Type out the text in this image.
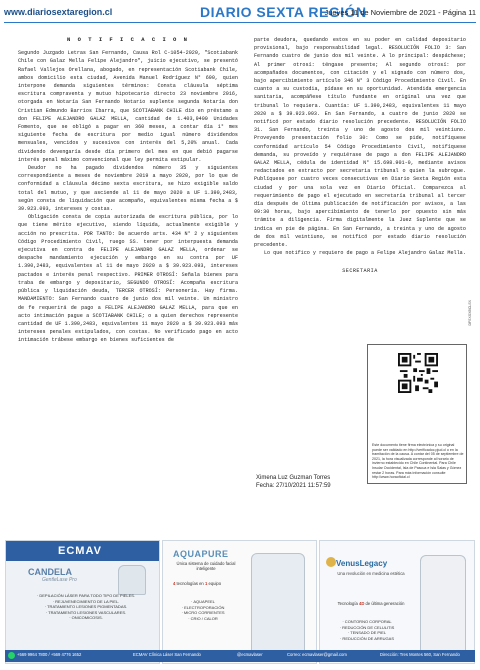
www.diariosextaregion.cl	DIARIO SEXTA REGIÓN
Jueves 11 de Noviembre de 2021 - Página 11

N O T I F I C A C I O N

Segundo Juzgado Letras San Fernando, Causa Rol C-1054-2020, "Scotiabank Chile con Galaz Mella Felipe Alejandro", juicio ejecutivo, se presentó Rafael Vallejos Orellana, abogado, en representación Scotiabank Chile, ambos domicilio esta ciudad, Avenida Manuel Rodríguez N° 690, quien interpone demanda siguientes términos: Consta cláusula séptima escritura compraventa y mutuo hipotecario directo 23 noviembre 2016, otorgada en Notaría San Fernando Notario suplente segunda Notaría don Cristian Edmundo Barrios Ibarra, que SCOTIABANK CHILE dio en préstamo a don FELIPE ALEJANDRO GALAZ MELLA, cantidad de 1.403,9400 Unidades Fomento, que se obligó a pagar en 360 meses, a contar día 1° mes siguiente fecha de escritura por medio igual número dividendos mensuales, vencidos y sucesivos con interés del 5,20% anual. Cada dividendo devengaría desde día primero del mes en que debió pagarse interés penal máximo convencional que ley permita estipular.

Deudor no ha pagado dividendos número 35 y siguientes correspondiente a meses de noviembre 2019 a mayo 2020, por lo que de conformidad a cláusula décimo sexta escritura, se hizo exigible saldo total del mutuo, y que asciende al 11 de mayo 2020 a UF 1.390,2483, según consta de liquidación que acompaño, equivalentes misma fecha a $ 39.923.093, intereses y costas.

Obligación consta de copia autorizada de escritura pública, por lo que tiene mérito ejecutivo, siendo líquida, actualmente exigible y acción no prescrita. POR TANTO: De acuerdo arts. 434 N° 2 y siguientes Código Procedimiento Civil, ruego SS. tener por interpuesta demanda ejecutiva en contra de FELIPE ALEJANDRO GALAZ MELLA, ordenar se despache mandamiento ejecución y embargo en su contra por UF 1.390,2483, equivalentes al 11 de mayo 2020 a $ 39.923.093, intereses pactados e interés penal respectivo. PRIMER OTROSÍ: Señala bienes para traba de embargo y depositario, SEGUNDO OTROSÍ: Acompaña escritura pública y liquidación deuda, TERCER OTROSÍ: Personería. Hay firma. MANDAMIENTO: San Fernando cuatro de junio dos mil veinte. Un ministro de fe requerirá de pago a FELIPE ALEJANDRO GALAZ MELLA, para que en acto intimación pague a SCOTIABANK CHILE; o a quien derechos represente cantidad de UF 1.390,2483, equivalentes 11 mayo 2020 a $ 39.923.093 más intereses penales estipulados, con costas. No verificado pago en acto intimación trábese embargo en bienes suficientes de

parte deudora, quedando estos en su poder en calidad depositario provisional, bajo responsabilidad legal. RESOLUCIÓN FOLIO 3: San Fernando cuatro de junio dos mil veinte. A lo principal: despáchese; Al primer otrosí: téngase presente; Al segundo otrosí: por acompañados documentos, con citación y el signado con número dos, bajo apercibimiento artículo 346 N° 3 Código Procedimiento Civil. En cuanto a su custodia, pídase en su oportunidad. Atendida emergencia sanitaria, acompáñese título fundante en original una vez que tribunal lo requiera. Cuantía: UF 1.390,2483, equivalentes 11 mayo 2020 a $ 39.923.093. En San Fernando, a cuatro de junio 2020 se notificó por estado diario resolución precedente. RESOLUCIÓN FOLIO 31. San Fernando, treinta y uno de agosto dos mil veintiuno. Proveyendo presentación folio 30: Como se pide, notifíquese conformidad artículo 54 Código Procedimiento Civil, notifíquese demanda, su proveído y requiérase de pago a don FELIPE ALEJANDRO GALAZ MELLA, cédula de identidad N° 15.698.901-0, mediante avisos redactados en extracto por secretaria tribunal o quien la subrogue. Publíquese por cuatro veces consecutivas en Diario Sexta Región esta ciudad y por una sola vez en Diario Oficial. Comparezca al requerimiento de pago el ejecutado en secretaría tribunal al tercer día después de última publicación de notificación por avisos, a las 09:30 horas, bajo apercibimiento de tenerlo por opuesto sin más trámite a diligencia. Firma digitalmente la Juez Suplente que se indica en pie de página. En San Fernando, a treinta y uno de agosto de dos mil veintiuno, se notificó por estado diario resolución precedente.

Lo que notifico y requiero de pago a Felipe Alejandro Galaz Mella.

SECRETARIA

Ximena Luz Guzman Torres
Fecha: 27/10/2021 11:57:59
Este documento tiene firma electrónica y su original puede ser validado en http://verificadoc.pjud.cl o en la tramitación de la causa. A contar del 05 de septiembre de 2021, la hora visualizada corresponde al horario de invierno establecido en Chile Continental. Para Chile Insular Occidental, Isla de Pascua e Isla Salas y Gómez restar 2 horas. Para más información consulte http://www.horaoficial.cl
DFSXSXBCLSX
ECMAV
CANDELA
GentleLase Pro
· DEPILACIÓN LÁSER PARA TODO TIPO DE PIELES.
· REJUVENECIMIENTO DE LA PIEL.
· TRATAMIENTO LESIONES PIGMENTADAS.
· TRATAMIENTO LESIONES VASCULARES.
· ONICOMICOSIS.
AQUAPURE
Única sistema de cuidado facial inteligente
4 tecnologías en 1 equipo
· AQUAPEEL
· ELECTROPORACIÓN
· MICRO CORRIENTES
· CRIO / CALOR
VenusLegacy
Una revolución en medicina estética
Tecnología 4D de última generación
· CONTORNO CORPORAL
· REDUCCIÓN DE CELULITIS
· TENSADO DE PIEL
· REDUCCIÓN DE ARRUGAS
+569 9964 7800 / +569 4776 1652	ECMAV Clínica Láser San Fernando	@ecmavlaser	Correo: ecmavlaser@gmail.com	Dirección: Tres Montes 560, San Fernando
